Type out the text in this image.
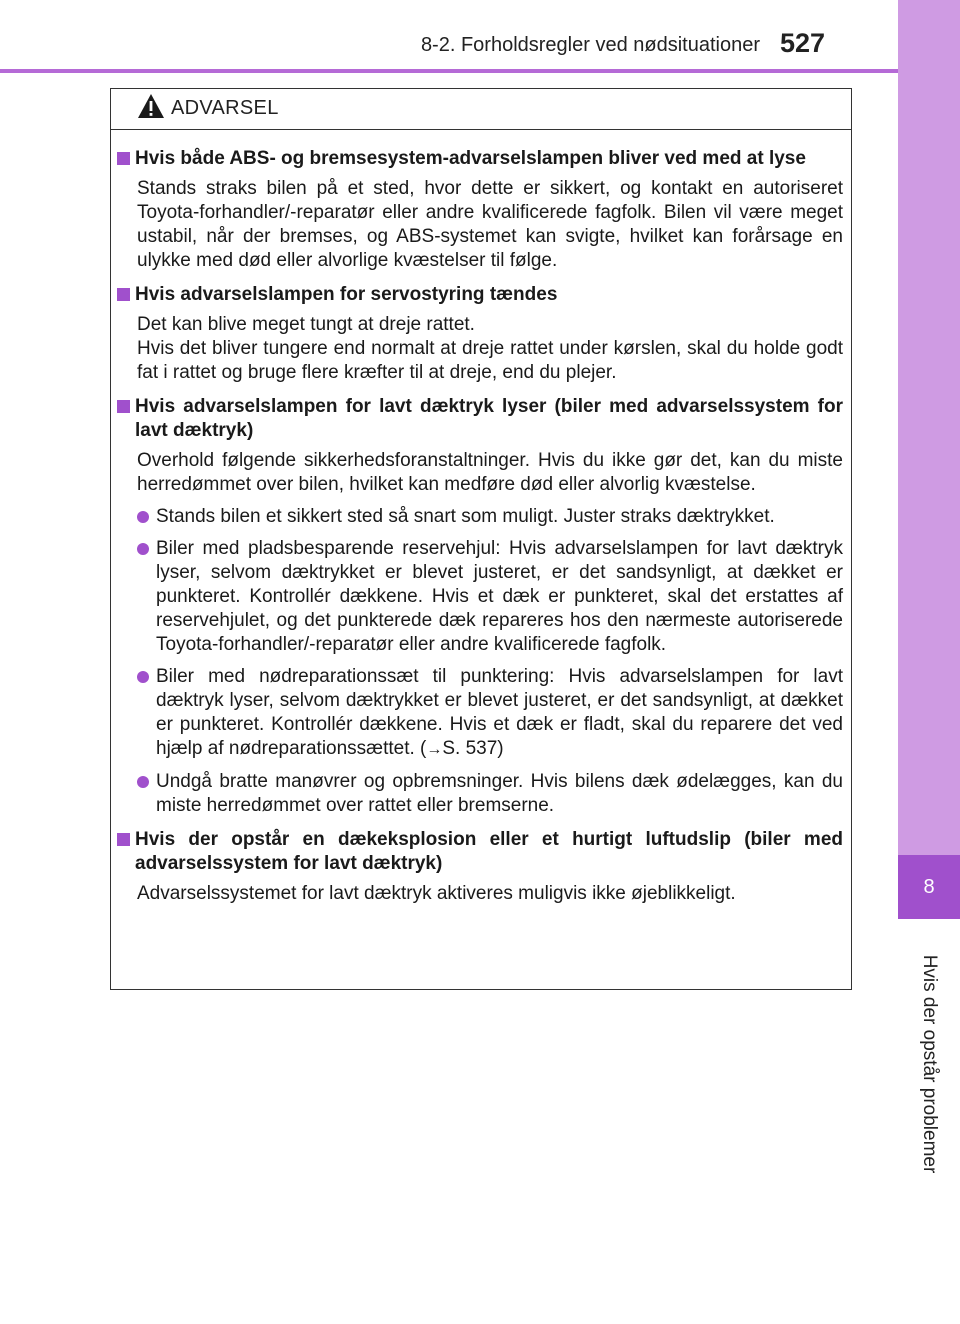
8-2. Forholdsregler ved nødsituationer 527
8
Hvis der opstår problemer
ADVARSEL
Hvis både ABS- og bremsesystem-advarselslampen bliver ved med at lyse

Stands straks bilen på et sted, hvor dette er sikkert, og kontakt en autoriseret Toyota-forhandler/-reparatør eller andre kvalificerede fagfolk. Bilen vil være meget ustabil, når der bremses, og ABS-systemet kan svigte, hvilket kan forårsage en ulykke med død eller alvorlige kvæstelser til følge.

Hvis advarselslampen for servostyring tændes

Det kan blive meget tungt at dreje rattet.

Hvis det bliver tungere end normalt at dreje rattet under kørslen, skal du holde godt fat i rattet og bruge flere kræfter til at dreje, end du plejer.

Hvis advarselslampen for lavt dæktryk lyser (biler med advarselssystem for lavt dæktryk)

Overhold følgende sikkerhedsforanstaltninger. Hvis du ikke gør det, kan du miste herredømmet over bilen, hvilket kan medføre død eller alvorlig kvæstelse.

Stands bilen et sikkert sted så snart som muligt. Juster straks dæktrykket.
Biler med pladsbesparende reservehjul: Hvis advarselslampen for lavt dæktryk lyser, selvom dæktrykket er blevet justeret, er det sandsynligt, at dækket er punkteret. Kontrollér dækkene. Hvis et dæk er punkteret, skal det erstattes af reservehjulet, og det punkterede dæk repareres hos den nærmeste autoriserede Toyota-forhandler/-reparatør eller andre kvalificerede fagfolk.
Biler med nødreparationssæt til punktering: Hvis advarselslampen for lavt dæktryk lyser, selvom dæktrykket er blevet justeret, er det sandsynligt, at dækket er punkteret. Kontrollér dækkene. Hvis et dæk er fladt, skal du reparere det ved hjælp af nødreparationssættet. (→S. 537)
Undgå bratte manøvrer og opbremsninger. Hvis bilens dæk ødelægges, kan du miste herredømmet over rattet eller bremserne.
Hvis der opstår en dækeksplosion eller et hurtigt luftudslip (biler med advarselssystem for lavt dæktryk)

Advarselssystemet for lavt dæktryk aktiveres muligvis ikke øjeblikkeligt.
